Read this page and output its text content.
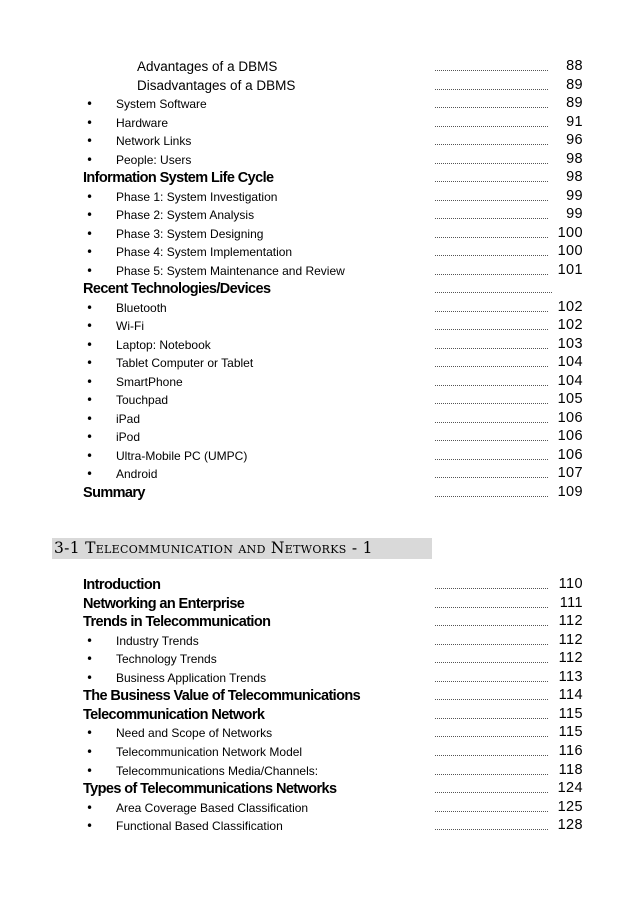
Advantages of a DBMS	88
Disadvantages of a DBMS	89
• System Software	89
• Hardware	91
• Network Links	96
• People: Users	98
Information System Life Cycle	98
• Phase 1: System Investigation	99
• Phase 2: System Analysis	99
• Phase 3: System Designing	100
• Phase 4: System Implementation	100
• Phase 5: System Maintenance and Review	101
Recent Technologies/Devices
• Bluetooth	102
• Wi-Fi	102
• Laptop: Notebook	103
• Tablet Computer or Tablet	104
• SmartPhone	104
• Touchpad	105
• iPad	106
• iPod	106
• Ultra-Mobile PC (UMPC)	106
• Android	107
Summary	109
Introduction	110
Networking an Enterprise	111
Trends in Telecommunication	112
• Industry Trends	112
• Technology Trends	112
• Business Application Trends	113
The Business Value of Telecommunications	114
Telecommunication Network	115
• Need and Scope of Networks	115
• Telecommunication Network Model	116
• Telecommunications Media/Channels:	118
Types of Telecommunications Networks	124
• Area Coverage Based Classification	125
• Functional Based Classification	128
3-1 Telecommunication and Networks - 1
